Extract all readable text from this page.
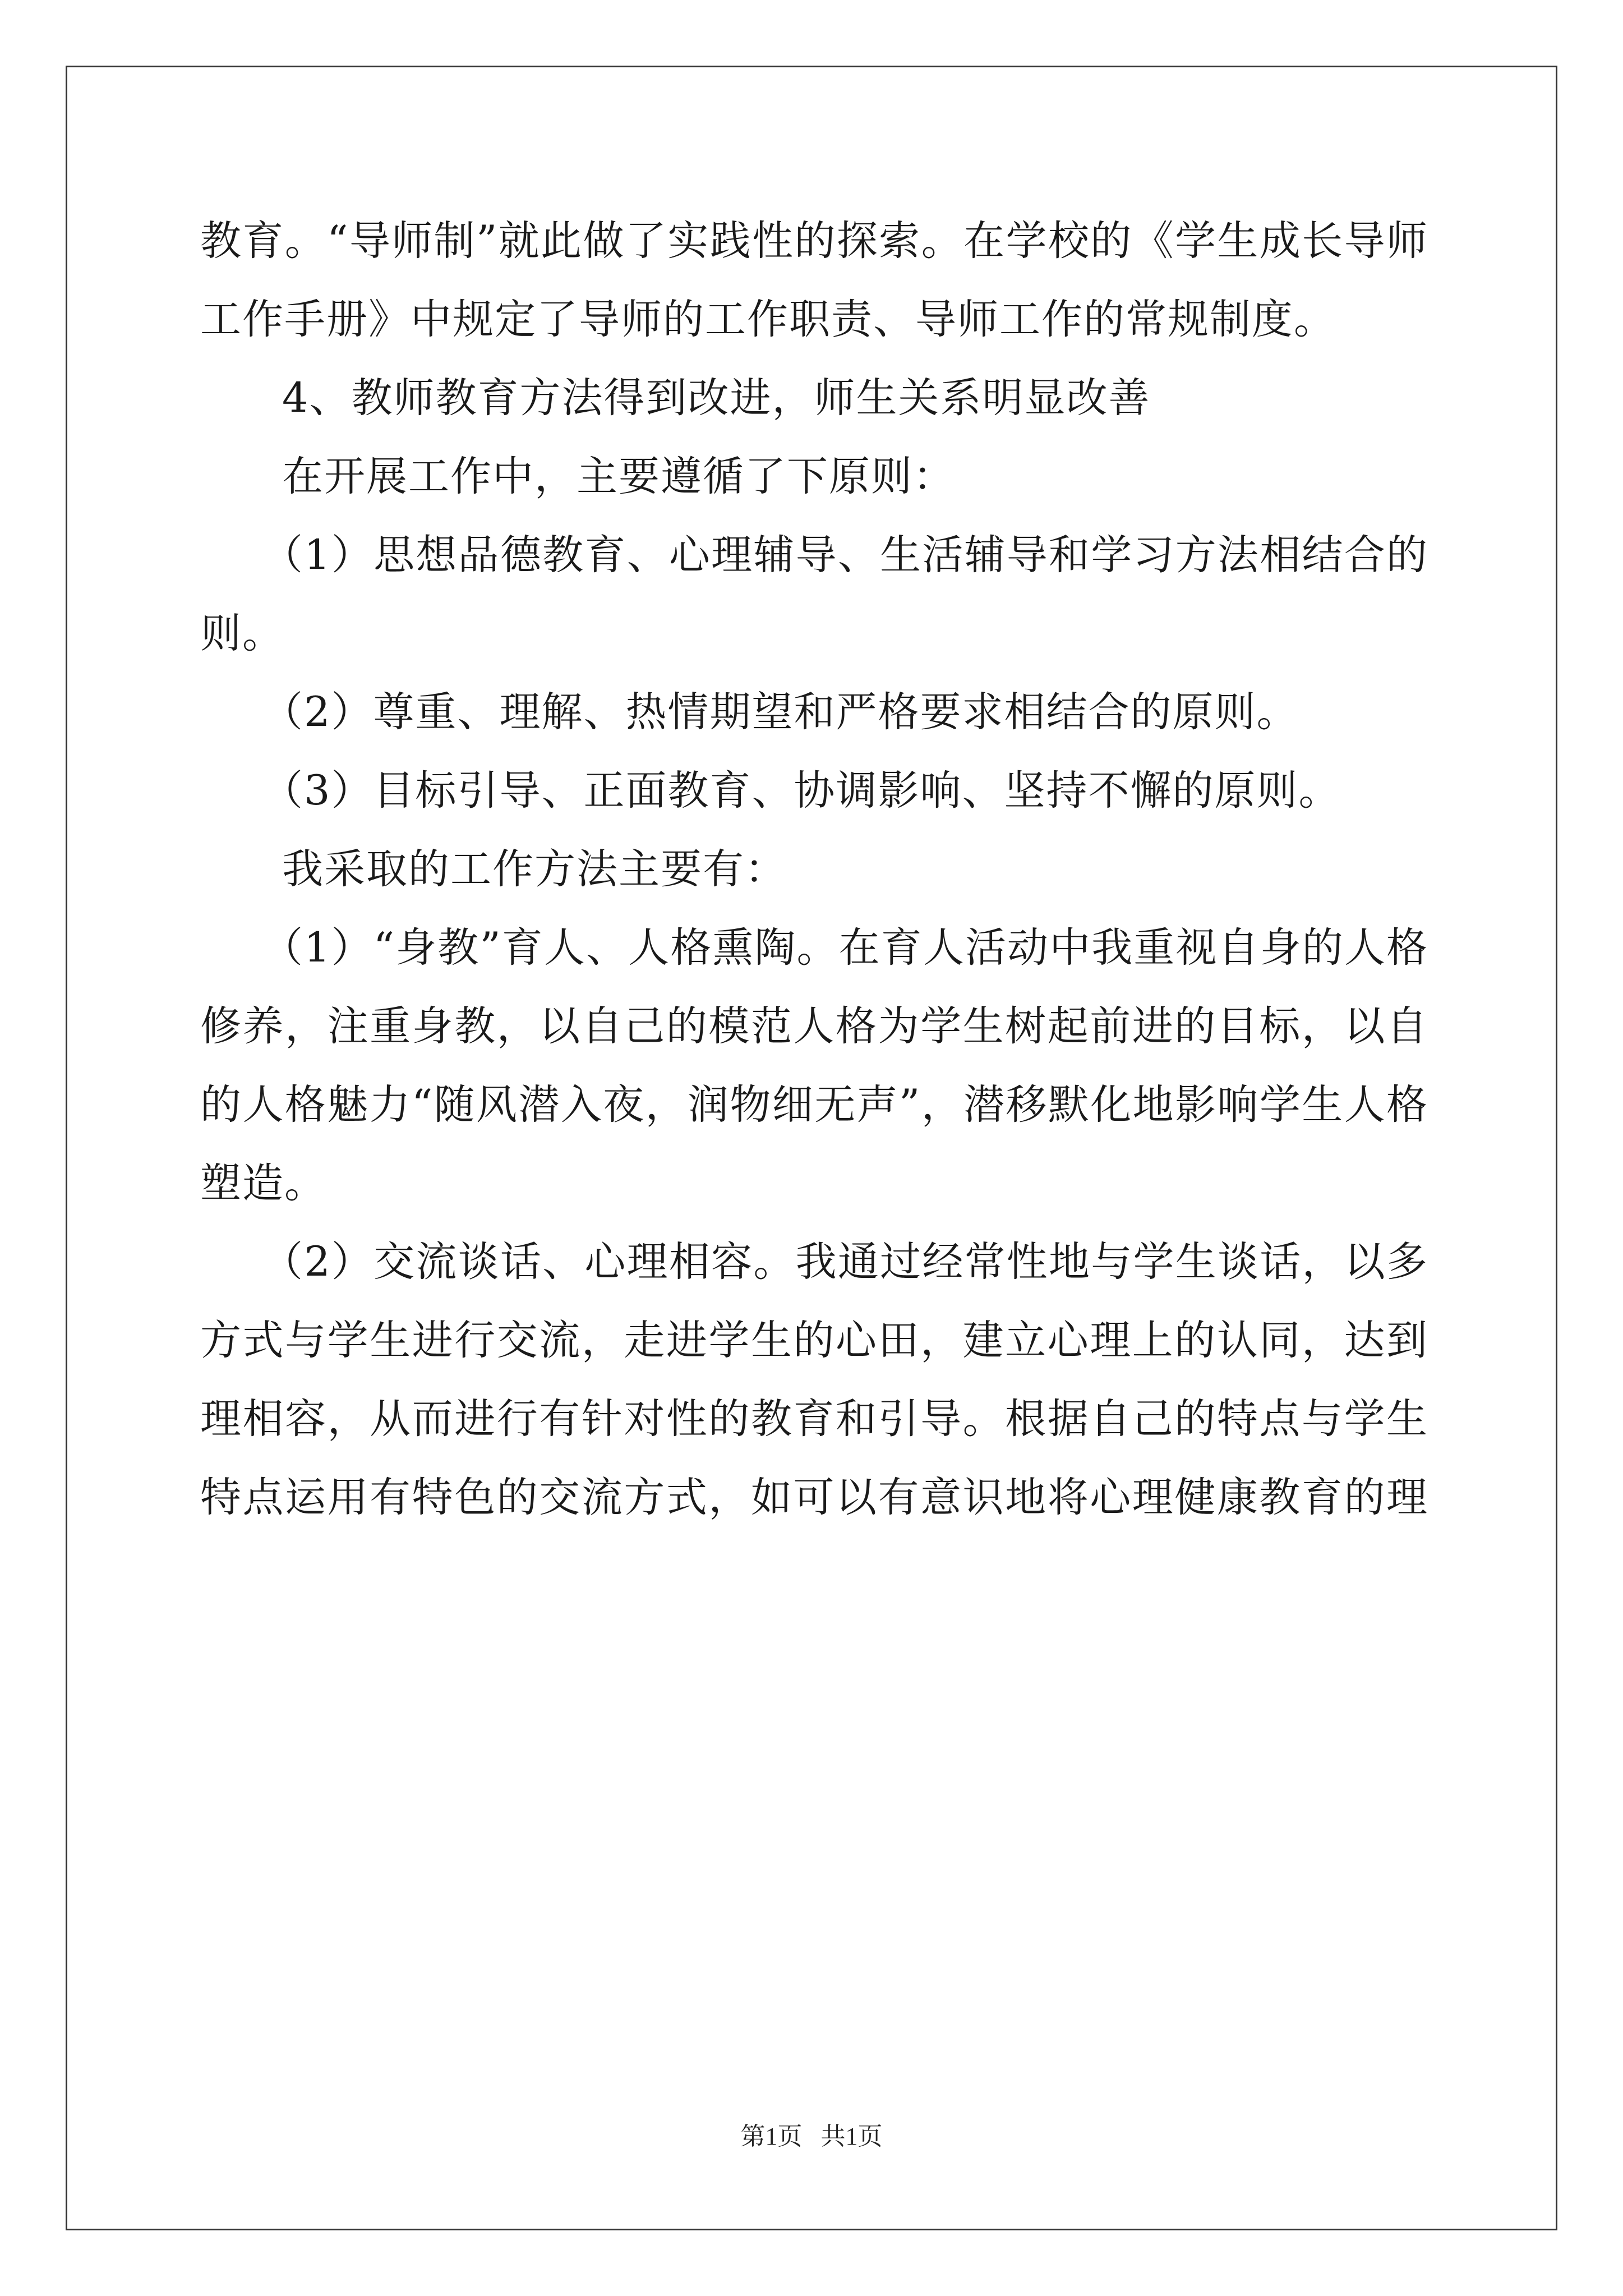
教​育​。​“​导​师​制​”​就​此​做​了​实​践​性​的​探​索​。​在​学​校​的​《​学​生​成​长​导​师
工作手册》中规定了导师的工作职责、导师工作的常规制度。
4、教师教育方法得到改进，师生关系明显改善
在开展工作中，主要遵循了下原则：
（​1​）​思​想​品​德​教​育​、​心​理​辅​导​、​生​活​辅​导​和​学​习​方​法​相​结​合​的​
则。
（2）尊重、理解、热情期望和严格要求相结合的原则。
（3）目标引导、正面教育、协调影响、坚持不懈的原则。
我采取的工作方法主要有：
（​1​）​“​身​教​”​育​人​、​人​格​熏​陶​。​在​育​人​活​动​中​我​重​视​自​身​的​人​格
修​养​，​注​重​身​教​，​以​自​己​的​模​范​人​格​为​学​生​树​起​前​进​的​目​标​，​以​自​
的​人​格​魅​力​“​随​风​潜​入​夜​，​润​物​细​无​声​”​，​潜​移​默​化​地​影​响​学​生​人​格​
塑造。
（​2​）​交​流​谈​话​、​心​理​相​容​。​我​通​过​经​常​性​地​与​学​生​谈​话​，​以​多​
方​式​与​学​生​进​行​交​流​，​走​进​学​生​的​心​田​，​建​立​心​理​上​的​认​同​，​达​到​
理​相​容​，​从​而​进​行​有​针​对​性​的​教​育​和​引​导​。​根​据​自​己​的​特​点​与​学​生​
特​点​运​用​有​特​色​的​交​流​方​式​，​如​可​以​有​意​识​地​将​心​理​健​康​教​育​的​理​
第1页 共1页
